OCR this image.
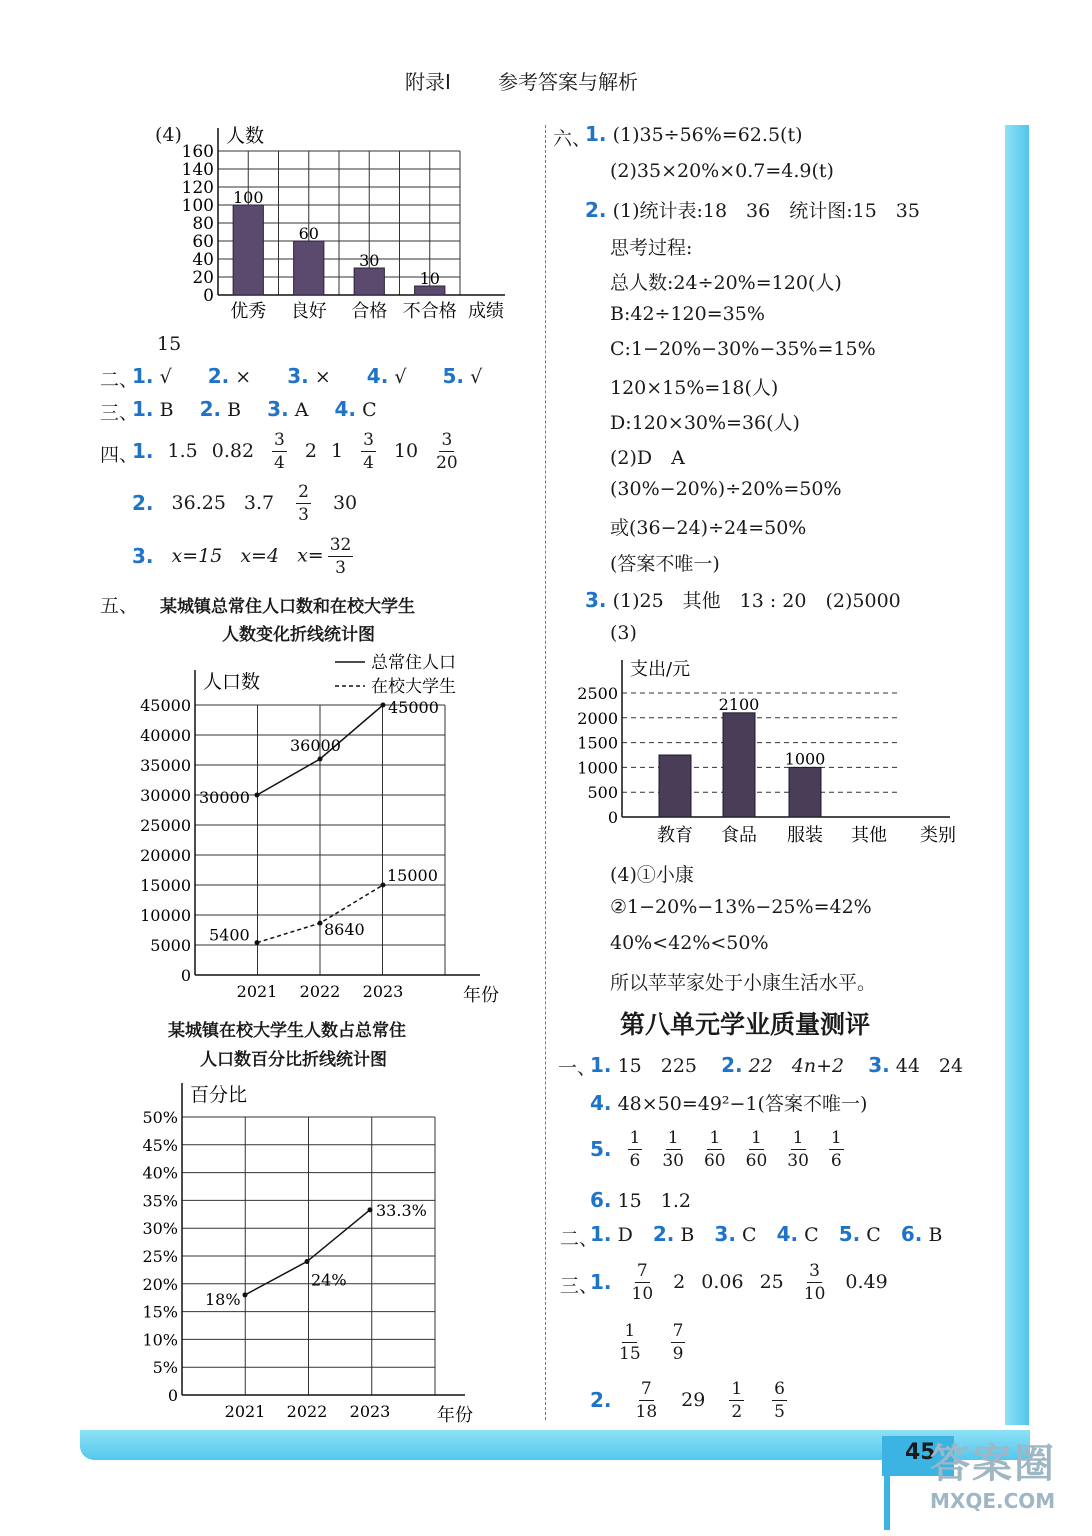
附录Ⅰ 参考答案与解析
(4)
160
140
120
100
80
60
40
20
0
人数
100
优秀
60
良好
30
合格
10
不合格 成绩
15
二、
1. √ 2. × 3. × 4. √ 5. √
三、
1. B 2. B 3. A 4. C
四、
1. 1.5 $0.82 \frac{3}{4} 2$ $1 \frac{3}{4} 10 \frac{3}{20}$
2. 36.25 $3.7 \frac{2}{3} 30$
3. x=15 x=4 $x= \frac{32}{3}$
五、 某城镇总常住人口数和在校大学生
人数变化折线统计图
45000
40000
35000
30000
25000
20000
15000
10000
5000
0
人口数
2021 2022 2023	年份
总常住人口
在校大学生
30000
36000
45000
5400	8640
15000
某城镇在校大学生人数占总常住
人口数百分比折线统计图
50%
45%
40%
35%
30%
25%
20%
15%
10%
5%
0
百分比
2021 2022 2023	年份
18%
24%
33.3%
六、
1. (1)35÷56%=62.5(t)
(2)35×20%×0.7=4.9(t)
2. (1)统计表:18　36　统计图:15　35
思考过程:
总人数:24÷20%=120(人)
B:42÷120=35%
C:1−20%−30%−35%=15%
120×15%=18(人)
D:120×30%=36(人)
(2)D　A
(30%−20%)÷20%=50%
或(36−24)÷24=50%
(答案不唯一)
3. (1)25　其他　13 : 20　(2)5000
(3)
2500
2000
1500
1000
500
0
支出/元
教育
2100
食品
1000
服装 其他 类别
(4)①小康
②1−20%−13%−25%=42%
40%<42%<50%
所以苹苹家处于小康生活水平。
第八单元学业质量测评
一、
1. 15　225 2. 22　4n+2 3. 44　24
4. 48×50=49²−1(答案不唯一)
5. $\frac{1}{6} \frac{1}{30} \frac{1}{60} \frac{1}{60} \frac{1}{30} \frac{1}{6}$
6. 15　1.2
二、
1. D 2. B 3. C 4. C 5. C 6. B
三、
1. $\frac{7}{10} 2$ 0.06 $25 \frac{3}{10} 0.49$
$\frac{1}{15} \frac{7}{9}$
2. $\frac{7}{18} 29 \frac{1}{2} \frac{6}{5}$
45
答案圈
MXQE.COM
